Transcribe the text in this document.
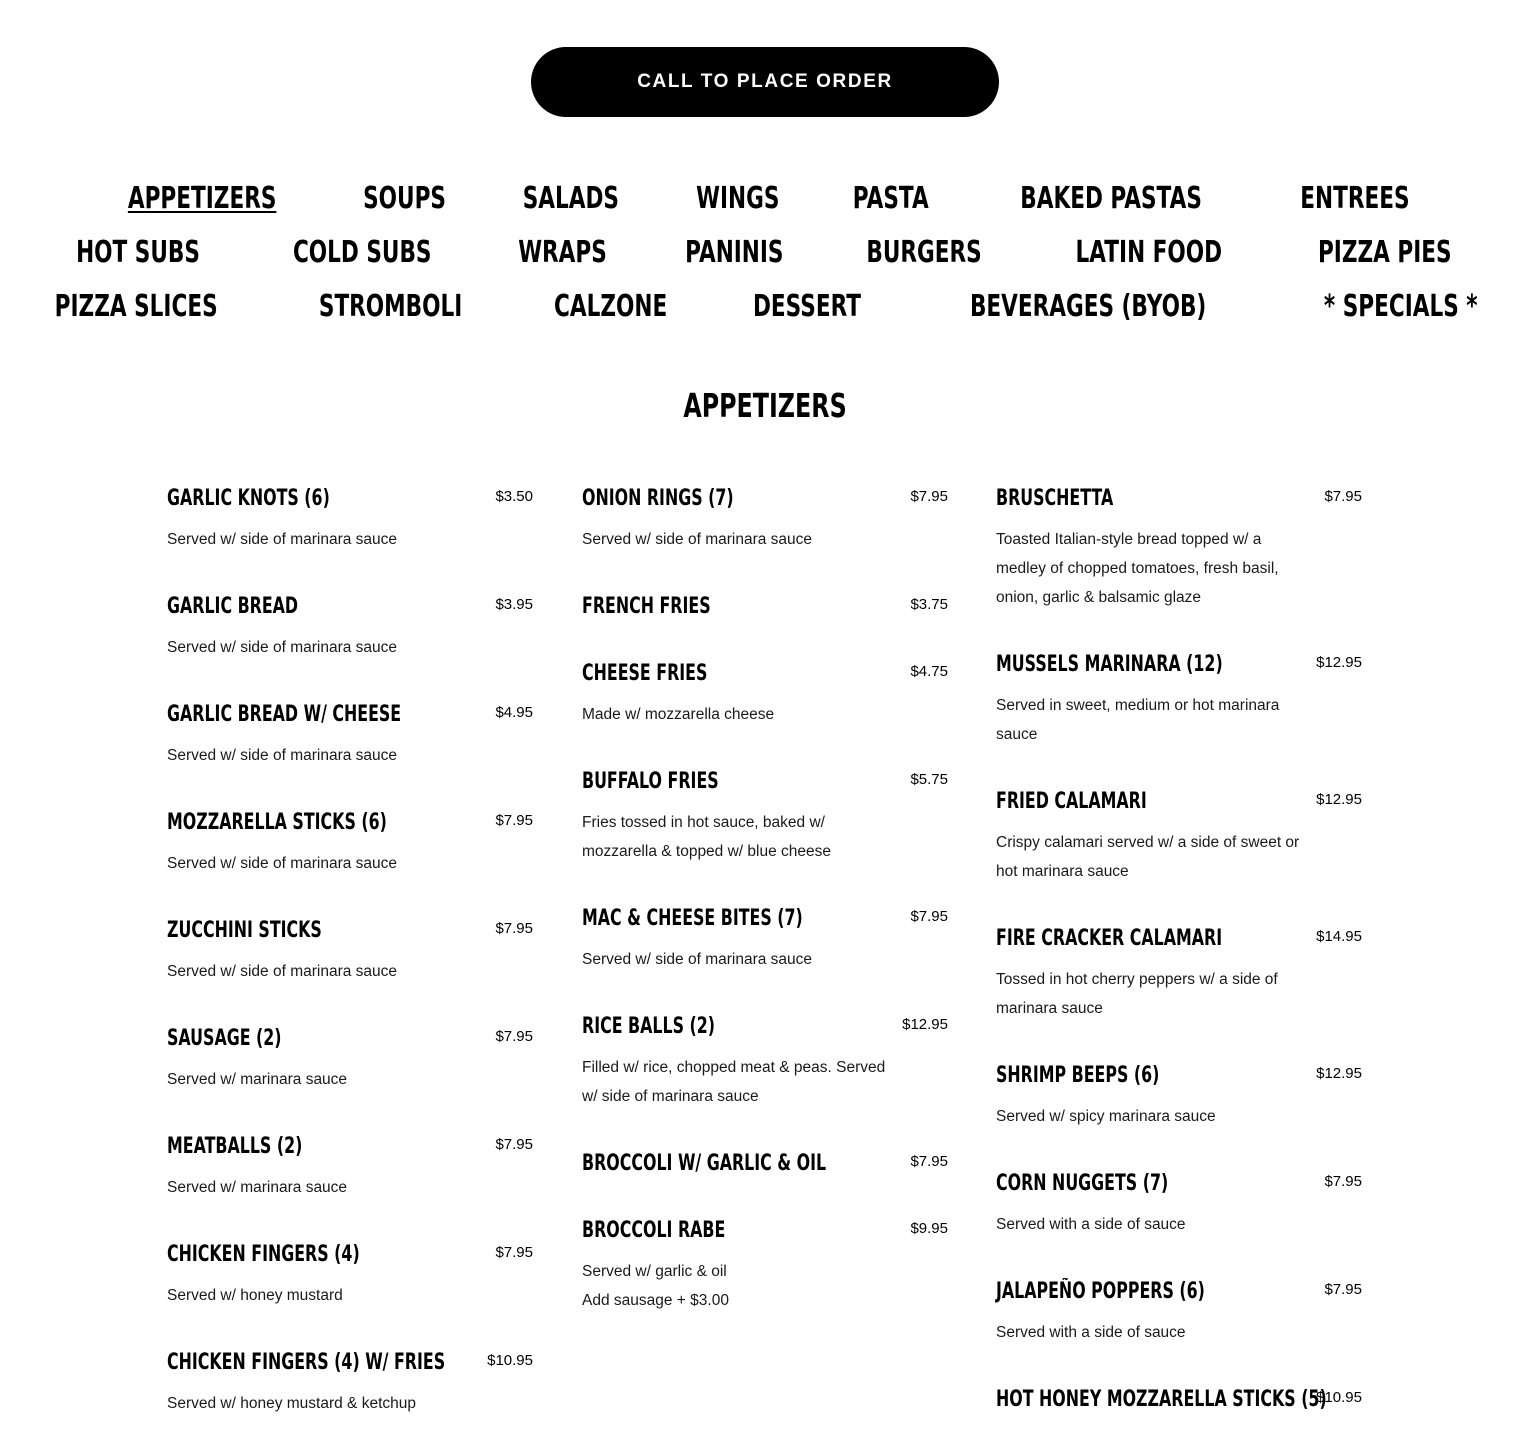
CALL TO PLACE ORDER
APPETIZERS	SOUPS	SALADS	WINGS PASTA	BAKED PASTAS	ENTREES
HOT SUBS	COLD SUBS	WRAPS	PANINIS	BURGERS	LATIN FOOD	PIZZA PIES
PIZZA SLICES	STROMBOLI	CALZONE	DESSERT	BEVERAGES (BYOB)	* SPECIALS *
APPETIZERS
GARLIC KNOTS (6)	$3.50
Served w/ side of marinara sauce
GARLIC BREAD	$3.95
Served w/ side of marinara sauce
GARLIC BREAD W/ CHEESE	$4.95
Served w/ side of marinara sauce
MOZZARELLA STICKS (6)	$7.95
Served w/ side of marinara sauce
ZUCCHINI STICKS	$7.95
Served w/ side of marinara sauce
SAUSAGE (2)	$7.95
Served w/ marinara sauce
MEATBALLS (2)	$7.95
Served w/ marinara sauce
CHICKEN FINGERS (4)	$7.95
Served w/ honey mustard
CHICKEN FINGERS (4) W/ FRIES	$10.95
Served w/ honey mustard & ketchup
ONION RINGS (7)	$7.95
Served w/ side of marinara sauce
FRENCH FRIES	$3.75
CHEESE FRIES	$4.75
Made w/ mozzarella cheese
BUFFALO FRIES	$5.75
Fries tossed in hot sauce, baked w/ mozzarella & topped w/ blue cheese
MAC & CHEESE BITES (7)	$7.95
Served w/ side of marinara sauce
RICE BALLS (2)	$12.95
Filled w/ rice, chopped meat & peas. Served w/ side of marinara sauce
BROCCOLI W/ GARLIC & OIL	$7.95
BROCCOLI RABE	$9.95
Served w/ garlic & oil
Add sausage + $3.00
BRUSCHETTA	$7.95
Toasted Italian-style bread topped w/ a medley of chopped tomatoes, fresh basil, onion, garlic & balsamic glaze
MUSSELS MARINARA (12)	$12.95
Served in sweet, medium or hot marinara sauce
FRIED CALAMARI	$12.95
Crispy calamari served w/ a side of sweet or hot marinara sauce
FIRE CRACKER CALAMARI	$14.95
Tossed in hot cherry peppers w/ a side of marinara sauce
SHRIMP BEEPS (6)	$12.95
Served w/ spicy marinara sauce
CORN NUGGETS (7)	$7.95
Served with a side of sauce
JALAPEÑO POPPERS (6)	$7.95
Served with a side of sauce
HOT HONEY MOZZARELLA STICKS (5)
$10.95
